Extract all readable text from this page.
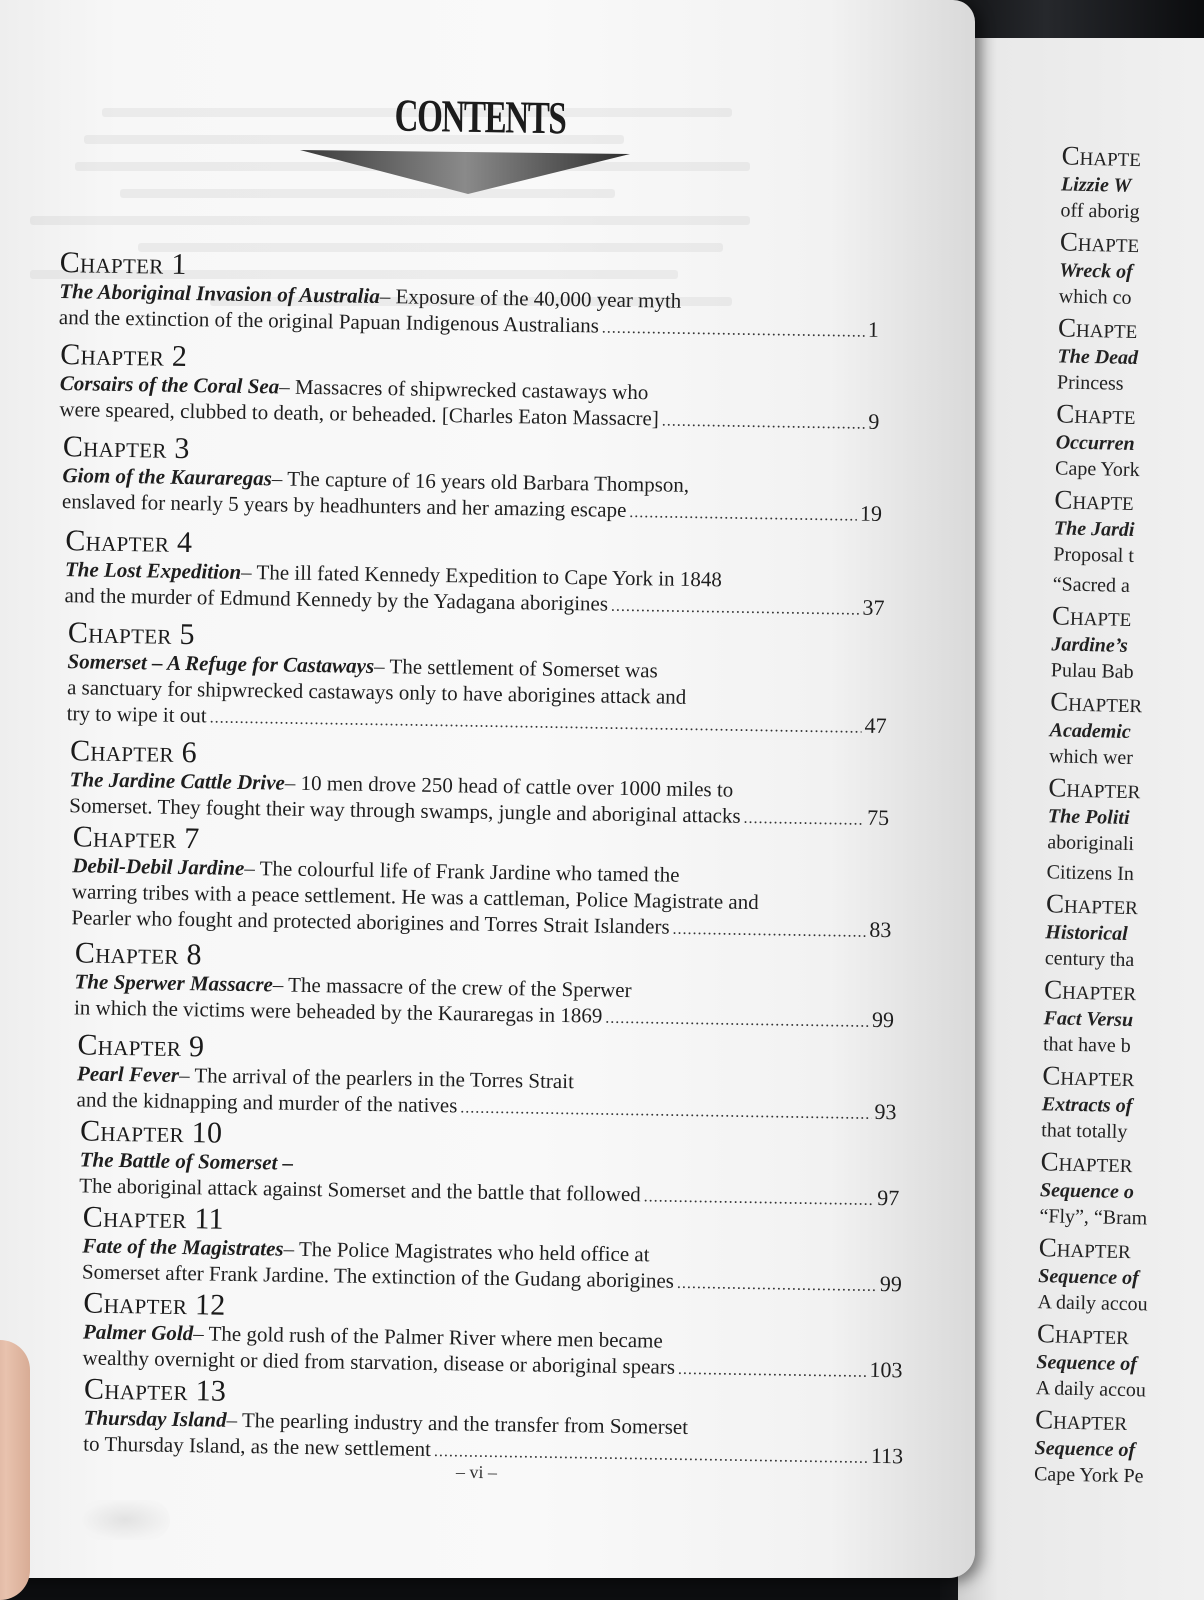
Chapte
Lizzie W
off aborig
Chapte
Wreck of
which co
Chapte
The Dead
Princess
Chapte
Occurren
Cape York
Chapte
The Jardi
Proposal t
“Sacred a
Chapte
Jardine’s
Pulau Bab
Chapter
Academic
which wer
Chapter
The Politi
aboriginali
Citizens In
Chapter
Historical
century tha
Chapter
Fact Versu
that have b
Chapter
Extracts of
that totally
Chapter
Sequence o
“Fly”, “Bram
Chapter
Sequence of
A daily accou
Chapter
Sequence of
A daily accou
Chapter
Sequence of
Cape York Pe
CONTENTS
Chapter 1
The Aboriginal Invasion of Australia – Exposure of the 40,000 year myth
and the extinction of the original Papuan Indigenous Australians .....	1
Chapter 2
Corsairs of the Coral Sea – Massacres of shipwrecked castaways who
were speared, clubbed to death, or beheaded. [Charles Eaton Massacre] .....	9
Chapter 3
Giom of the Kauraregas – The capture of 16 years old Barbara Thompson,
enslaved for nearly 5 years by headhunters and her amazing escape .....	19
Chapter 4
The Lost Expedition – The ill fated Kennedy Expedition to Cape York in 1848
and the murder of Edmund Kennedy by the Yadagana aborigines .....	37
Chapter 5
Somerset – A Refuge for Castaways – The settlement of Somerset was
a sanctuary for shipwrecked castaways only to have aborigines attack and
try to wipe it out .....	47
Chapter 6
The Jardine Cattle Drive – 10 men drove 250 head of cattle over 1000 miles to
Somerset. They fought their way through swamps, jungle and aboriginal attacks .....	75
Chapter 7
Debil-Debil Jardine – The colourful life of Frank Jardine who tamed the
warring tribes with a peace settlement. He was a cattleman, Police Magistrate and
Pearler who fought and protected aborigines and Torres Strait Islanders .....	83
Chapter 8
The Sperwer Massacre – The massacre of the crew of the Sperwer
in which the victims were beheaded by the Kauraregas in 1869 .....	99
Chapter 9
Pearl Fever – The arrival of the pearlers in the Torres Strait
and the kidnapping and murder of the natives .....	93
Chapter 10
The Battle of Somerset –
The aboriginal attack against Somerset and the battle that followed .....	97
Chapter 11
Fate of the Magistrates – The Police Magistrates who held office at
Somerset after Frank Jardine. The extinction of the Gudang aborigines .....	99
Chapter 12
Palmer Gold – The gold rush of the Palmer River where men became
wealthy overnight or died from starvation, disease or aboriginal spears .....	103
Chapter 13
Thursday Island – The pearling industry and the transfer from Somerset
to Thursday Island, as the new settlement .....	113
– vi –
